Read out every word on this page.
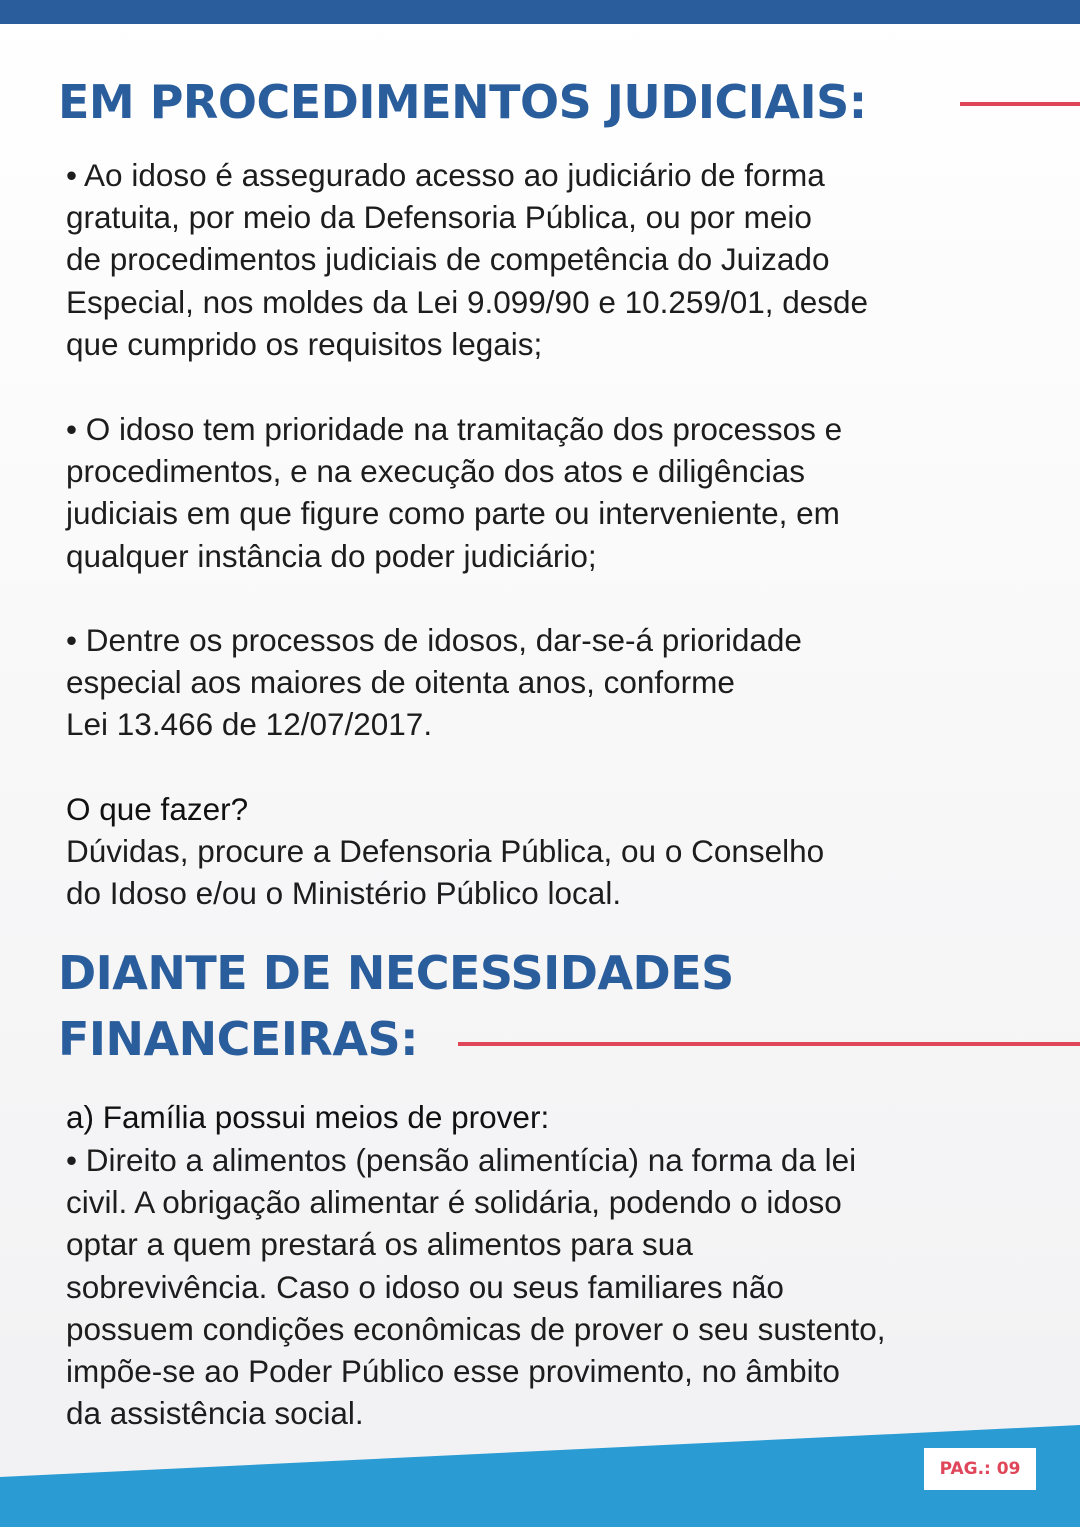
EM PROCEDIMENTOS JUDICIAIS:

• Ao idoso é assegurado acesso ao judiciário de forma
gratuita, por meio da Defensoria Pública, ou por meio
de procedimentos judiciais de competência do Juizado
Especial, nos moldes da Lei 9.099/90 e 10.259/01, desde
que cumprido os requisitos legais;

• O idoso tem prioridade na tramitação dos processos e
procedimentos, e na execução dos atos e diligências
judiciais em que figure como parte ou interveniente, em
qualquer instância do poder judiciário;

• Dentre os processos de idosos, dar-se-á prioridade
especial aos maiores de oitenta anos, conforme
Lei 13.466 de 12/07/2017.

O que fazer?

Dúvidas, procure a Defensoria Pública, ou o Conselho
do Idoso e/ou o Ministério Público local.

DIANTE DE NECESSIDADES
FINANCEIRAS:

a) Família possui meios de prover:

• Direito a alimentos (pensão alimentícia) na forma da lei
civil. A obrigação alimentar é solidária, podendo o idoso
optar a quem prestará os alimentos para sua
sobrevivência. Caso o idoso ou seus familiares não
possuem condições econômicas de prover o seu sustento,
impõe-se ao Poder Público esse provimento, no âmbito
da assistência social.

PAG.: 09
